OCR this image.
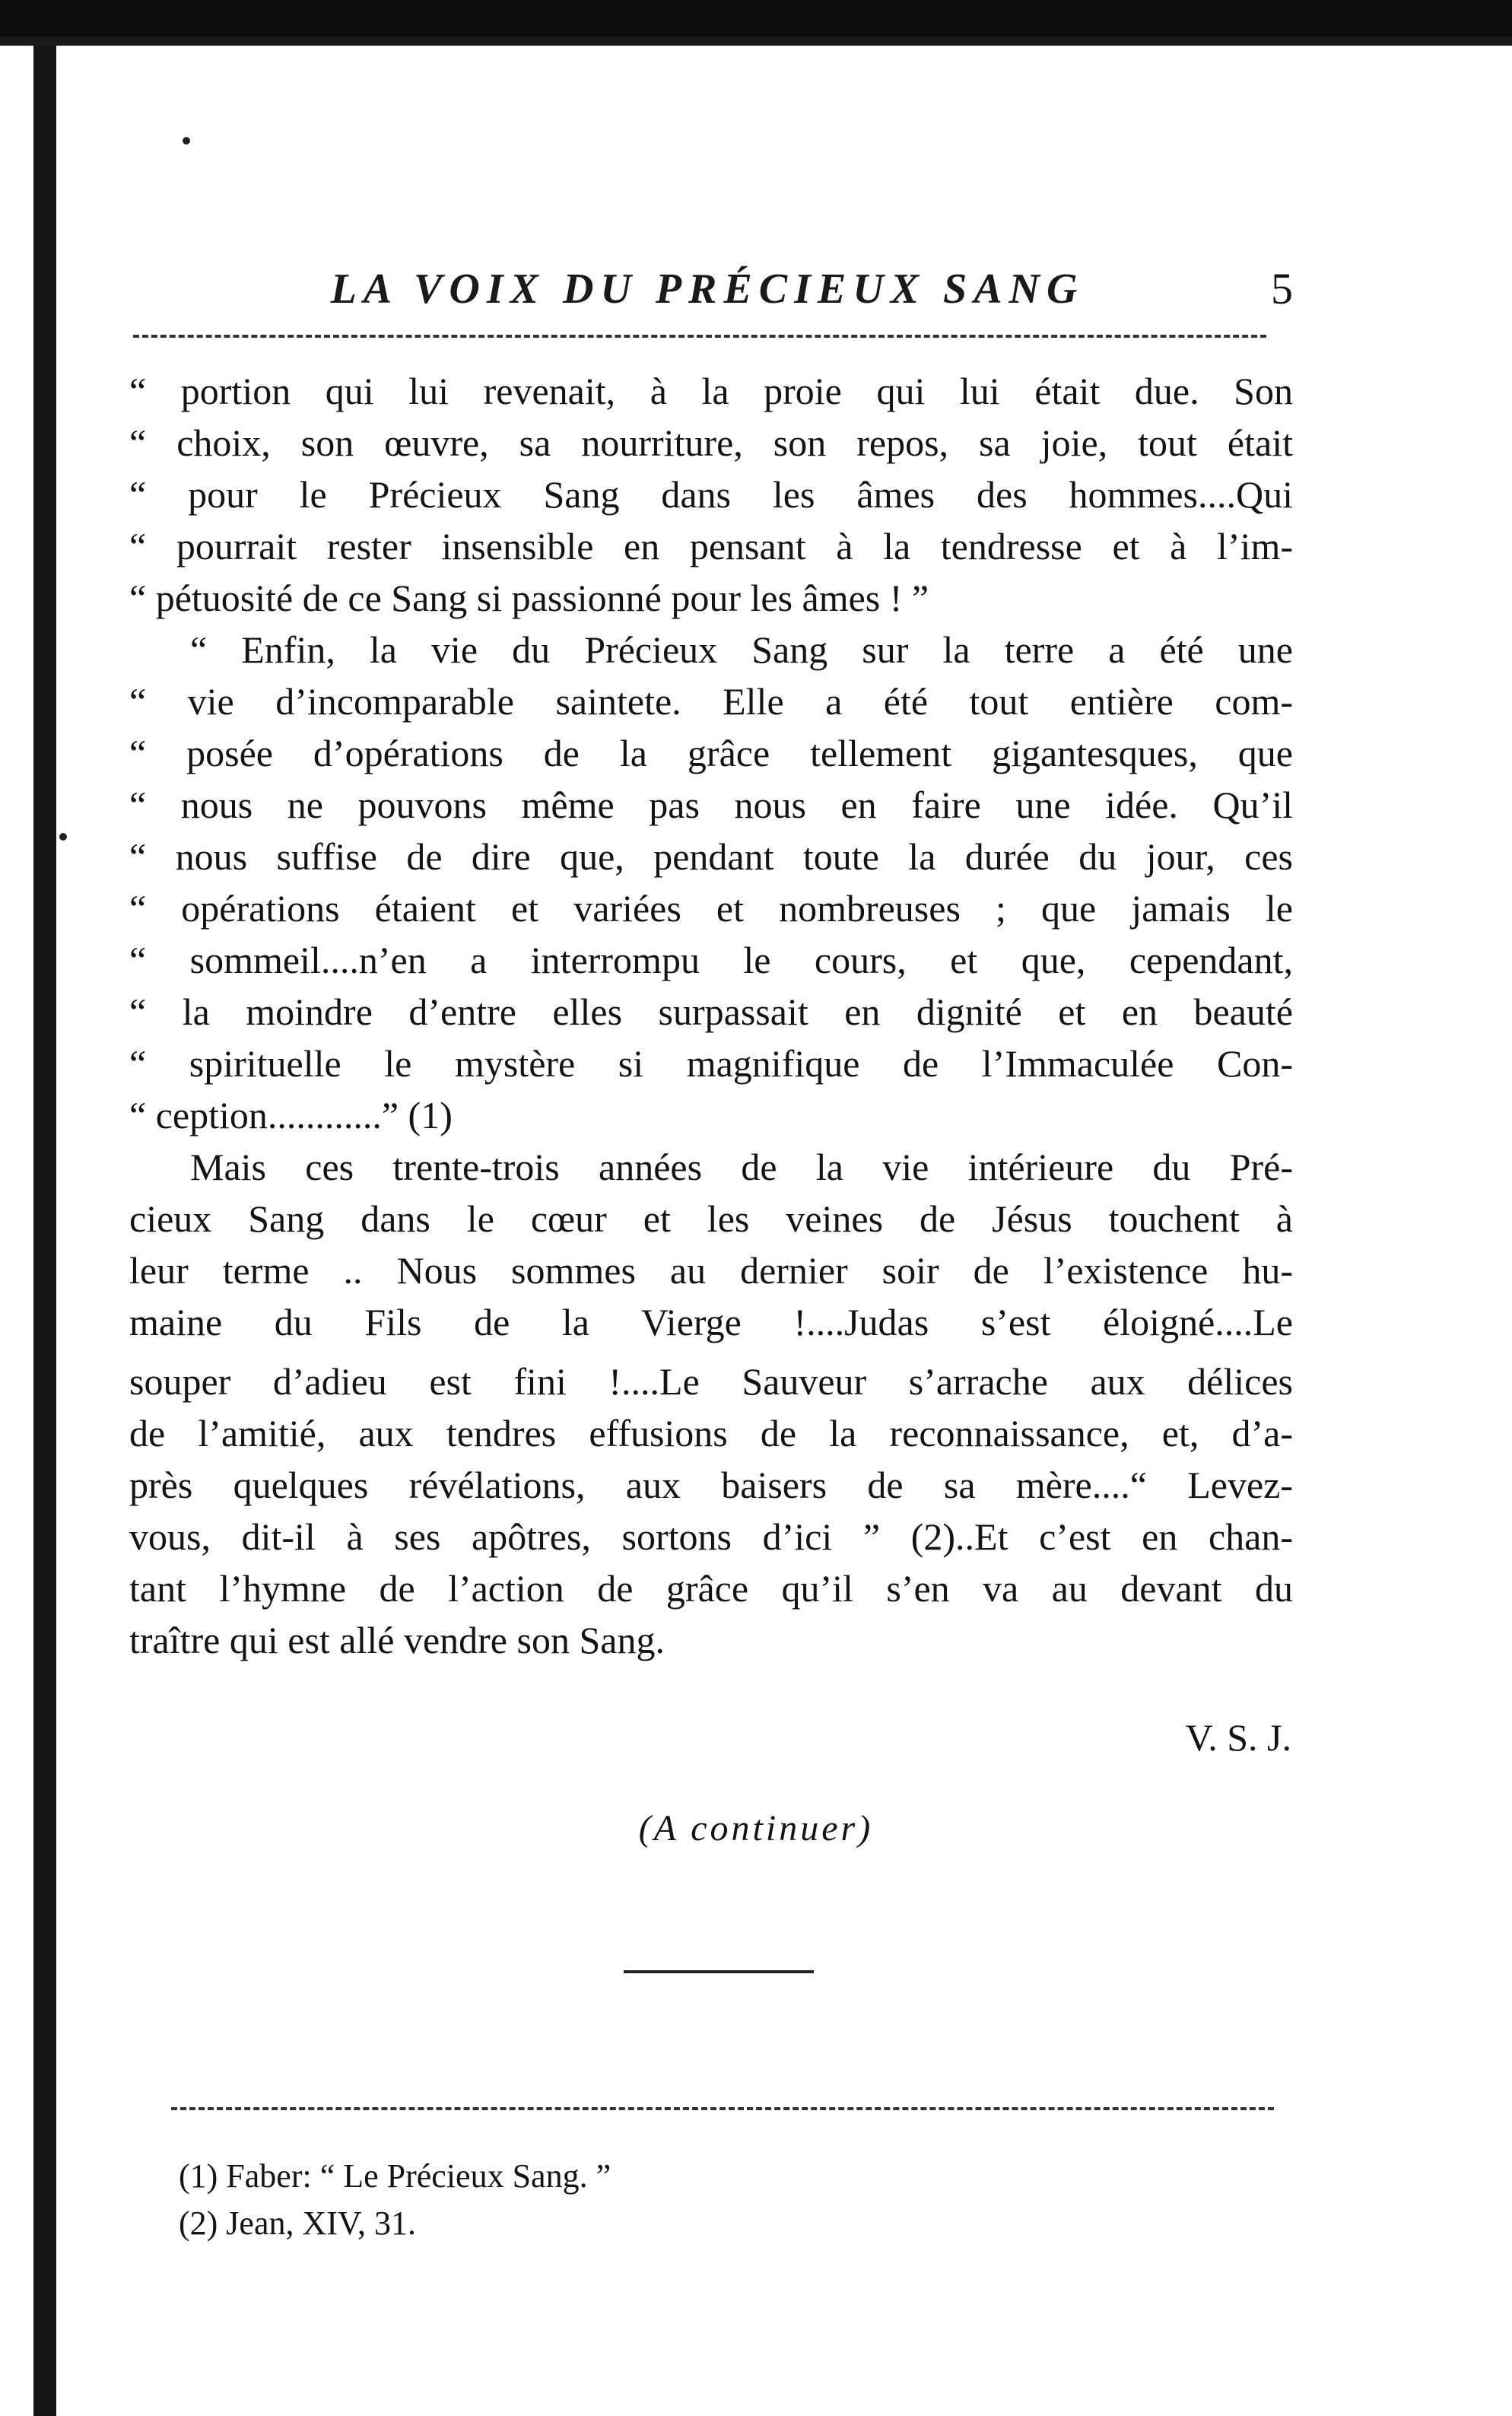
LA VOIX DU PRÉCIEUX SANG	5
“ portion qui lui revenait, à la proie qui lui était due. Son
“ choix, son œuvre, sa nourriture, son repos, sa joie, tout était
“ pour le Précieux Sang dans les âmes des hommes....Qui
“ pourrait rester insensible en pensant à la tendresse et à l’im-
“ pétuosité de ce Sang si passionné pour les âmes ! ”
“ Enfin, la vie du Précieux Sang sur la terre a été une
“ vie d’incomparable saintete. Elle a été tout entière com-
“ posée d’opérations de la grâce tellement gigantesques, que
“ nous ne pouvons même pas nous en faire une idée. Qu’il
“ nous suffise de dire que, pendant toute la durée du jour, ces
“ opérations étaient et variées et nombreuses ; que jamais le
“ sommeil....n’en a interrompu le cours, et que, cependant,
“ la moindre d’entre elles surpassait en dignité et en beauté
“ spirituelle le mystère si magnifique de l’Immaculée Con-
“ ception............” (1)
Mais ces trente-trois années de la vie intérieure du Pré-
cieux Sang dans le cœur et les veines de Jésus touchent à
leur terme .. Nous sommes au dernier soir de l’existence hu-
maine du Fils de la Vierge !....Judas s’est éloigné....Le
souper d’adieu est fini !....Le Sauveur s’arrache aux délices
de l’amitié, aux tendres effusions de la reconnaissance, et, d’a-
près quelques révélations, aux baisers de sa mère....“ Levez-
vous, dit-il à ses apôtres, sortons d’ici ” (2)..Et c’est en chan-
tant l’hymne de l’action de grâce qu’il s’en va au devant du
traître qui est allé vendre son Sang.
V. S. J.
(A continuer)
(1) Faber: “ Le Précieux Sang. ”
(2) Jean, XIV, 31.
